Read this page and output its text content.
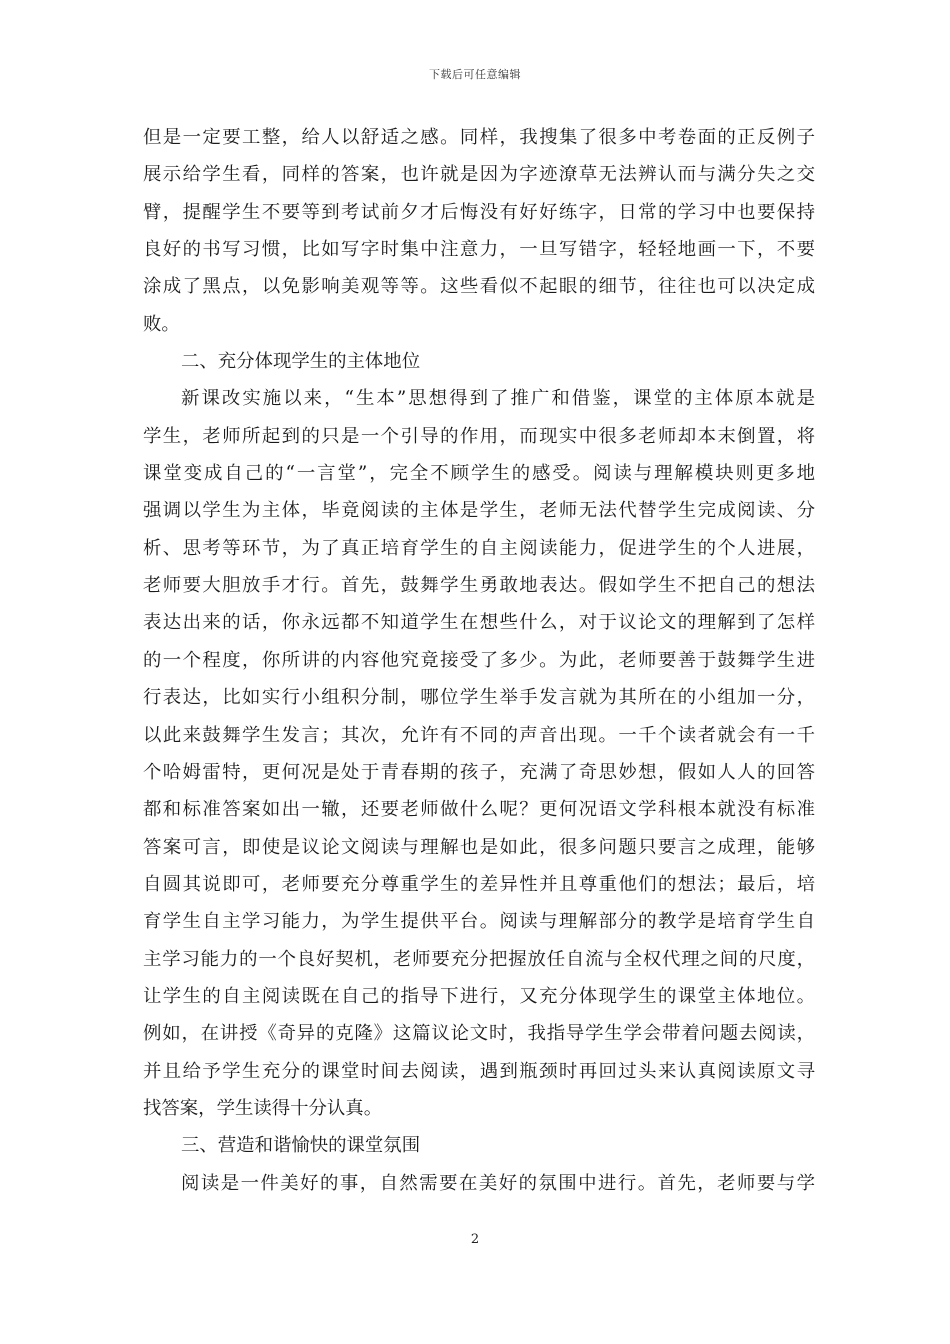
下载后可任意编辑
但是一定要工整，给人以舒适之感。同样，我搜集了很多中考卷面的正反例子
展示给学生看，同样的答案，也许就是因为字迹潦草无法辨认而与满分失之交
臂，提醒学生不要等到考试前夕才后悔没有好好练字，日常的学习中也要保持
良好的书写习惯，比如写字时集中注意力，一旦写错字，轻轻地画一下，不要
涂成了黑点，以免影响美观等等。这些看似不起眼的细节，往往也可以决定成
败。
二、充分体现学生的主体地位
新课改实施以来，“生本”思想得到了推广和借鉴，课堂的主体原本就是
学生，老师所起到的只是一个引导的作用，而现实中很多老师却本末倒置，将
课堂变成自己的“一言堂”，完全不顾学生的感受。阅读与理解模块则更多地
强调以学生为主体，毕竟阅读的主体是学生，老师无法代替学生完成阅读、分
析、思考等环节，为了真正培育学生的自主阅读能力，促进学生的个人进展，
老师要大胆放手才行。首先，鼓舞学生勇敢地表达。假如学生不把自己的想法
表达出来的话，你永远都不知道学生在想些什么，对于议论文的理解到了怎样
的一个程度，你所讲的内容他究竟接受了多少。为此，老师要善于鼓舞学生进
行表达，比如实行小组积分制，哪位学生举手发言就为其所在的小组加一分，
以此来鼓舞学生发言；其次，允许有不同的声音出现。一千个读者就会有一千
个哈姆雷特，更何况是处于青春期的孩子，充满了奇思妙想，假如人人的回答
都和标准答案如出一辙，还要老师做什么呢？更何况语文学科根本就没有标准
答案可言，即使是议论文阅读与理解也是如此，很多问题只要言之成理，能够
自圆其说即可，老师要充分尊重学生的差异性并且尊重他们的想法；最后，培
育学生自主学习能力，为学生提供平台。阅读与理解部分的教学是培育学生自
主学习能力的一个良好契机，老师要充分把握放任自流与全权代理之间的尺度，
让学生的自主阅读既在自己的指导下进行，又充分体现学生的课堂主体地位。
例如，在讲授《奇异的克隆》这篇议论文时，我指导学生学会带着问题去阅读，
并且给予学生充分的课堂时间去阅读，遇到瓶颈时再回过头来认真阅读原文寻
找答案，学生读得十分认真。
三、营造和谐愉快的课堂氛围
阅读是一件美好的事，自然需要在美好的氛围中进行。首先，老师要与学
2
